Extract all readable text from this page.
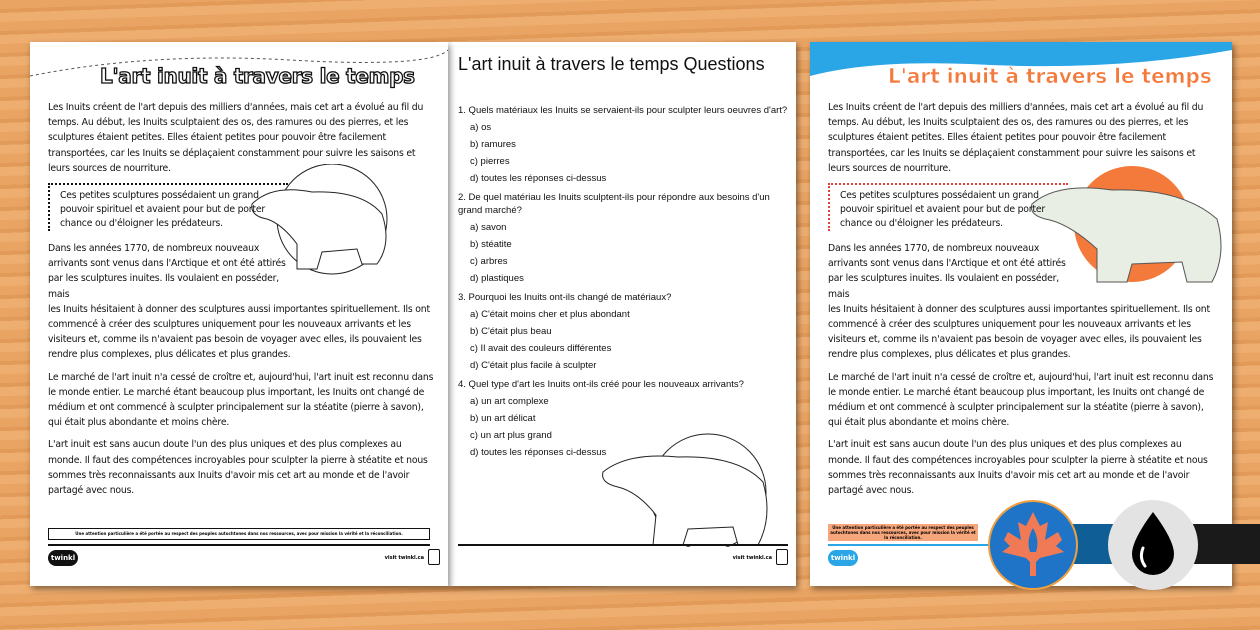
L'art inuit à travers le temps

Les Inuits créent de l'art depuis des milliers d'années, mais cet art a évolué au fil du temps. Au début, les Inuits sculptaient des os, des ramures ou des pierres, et les sculptures étaient petites. Elles étaient petites pour pouvoir être facilement transportées, car les Inuits se déplaçaient constamment pour suivre les saisons et leurs sources de nourriture.

Ces petites sculptures possédaient un grand pouvoir spirituel et avaient pour but de porter chance ou d'éloigner les prédateurs.

Dans les années 1770, de nombreux nouveaux arrivants sont venus dans l'Arctique et ont été attirés par les sculptures inuites. Ils voulaient en posséder, mais

les Inuits hésitaient à donner des sculptures aussi importantes spirituellement. Ils ont commencé à créer des sculptures uniquement pour les nouveaux arrivants et les visiteurs et, comme ils n'avaient pas besoin de voyager avec elles, ils pouvaient les rendre plus complexes, plus délicates et plus grandes.

Le marché de l'art inuit n'a cessé de croître et, aujourd'hui, l'art inuit est reconnu dans le monde entier. Le marché étant beaucoup plus important, les Inuits ont changé de médium et ont commencé à sculpter principalement sur la stéatite (pierre à savon), qui était plus abondante et moins chère.

L'art inuit est sans aucun doute l'un des plus uniques et des plus complexes au monde. Il faut des compétences incroyables pour sculpter la pierre à stéatite et nous sommes très reconnaissants aux Inuits d'avoir mis cet art au monde et de l'avoir partagé avec nous.

Une attention particulière a été portée au respect des peuples autochtones dans nos ressources, avec pour mission la vérité et la réconciliation.
twinkl	visit twinkl.ca
L'art inuit à travers le temps Questions
1. Quels matériaux les Inuits se servaient-ils pour sculpter leurs oeuvres d'art?
a) os
b) ramures
c) pierres
d) toutes les réponses ci-dessus
2. De quel matériau les Inuits sculptent-ils pour répondre aux besoins d'un grand marché?
a) savon
b) stéatite
c) arbres
d) plastiques
3. Pourquoi les Inuits ont-ils changé de matériaux?
a) C'était moins cher et plus abondant
b) C'était plus beau
c) Il avait des couleurs différentes
d) C'était plus facile à sculpter
4. Quel type d'art les Inuits ont-ils créé pour les nouveaux arrivants?
a) un art complexe
b) un art délicat
c) un art plus grand
d) toutes les réponses ci-dessus
visit twinkl.ca
L'art inuit à travers le temps

Les Inuits créent de l'art depuis des milliers d'années, mais cet art a évolué au fil du temps. Au début, les Inuits sculptaient des os, des ramures ou des pierres, et les sculptures étaient petites. Elles étaient petites pour pouvoir être facilement transportées, car les Inuits se déplaçaient constamment pour suivre les saisons et leurs sources de nourriture.

Ces petites sculptures possédaient un grand pouvoir spirituel et avaient pour but de porter chance ou d'éloigner les prédateurs.

Dans les années 1770, de nombreux nouveaux arrivants sont venus dans l'Arctique et ont été attirés par les sculptures inuites. Ils voulaient en posséder, mais

les Inuits hésitaient à donner des sculptures aussi importantes spirituellement. Ils ont commencé à créer des sculptures uniquement pour les nouveaux arrivants et les visiteurs et, comme ils n'avaient pas besoin de voyager avec elles, ils pouvaient les rendre plus complexes, plus délicates et plus grandes.

Le marché de l'art inuit n'a cessé de croître et, aujourd'hui, l'art inuit est reconnu dans le monde entier. Le marché étant beaucoup plus important, les Inuits ont changé de médium et ont commencé à sculpter principalement sur la stéatite (pierre à savon), qui était plus abondante et moins chère.

L'art inuit est sans aucun doute l'un des plus uniques et des plus complexes au monde. Il faut des compétences incroyables pour sculpter la pierre à stéatite et nous sommes très reconnaissants aux Inuits d'avoir mis cet art au monde et de l'avoir partagé avec nous.

Une attention particulière a été portée au respect des peuples autochtones dans nos ressources, avec pour mission la vérité et la réconciliation.
twinkl
